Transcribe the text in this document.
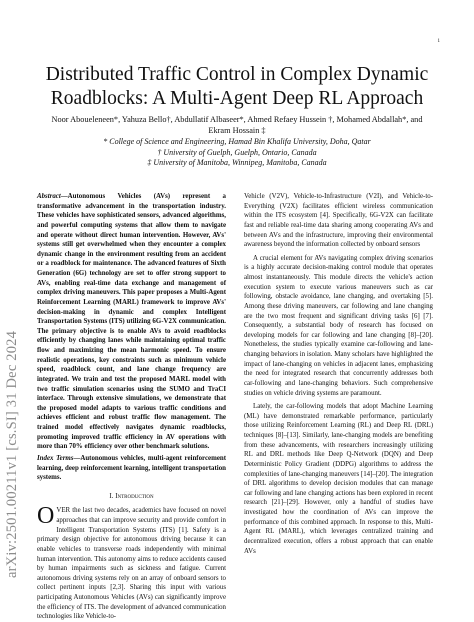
1
arXiv:2501.00211v1 [cs.SI] 31 Dec 2024
Distributed Traffic Control in Complex Dynamic
Roadblocks: A Multi-Agent Deep RL Approach
Noor Aboueleneen*, Yahuza Bello†, Abdullatif Albaseer*, Ahmed Refaey Hussein †, Mohamed Abdallah*, and
Ekram Hossain ‡
* College of Science and Engineering, Hamad Bin Khalifa University, Doha, Qatar
† University of Guelph, Guelph, Ontario, Canada
‡ University of Manitoba, Winnipeg, Manitoba, Canada
Abstract—Autonomous Vehicles (AVs) represent a transformative advancement in the transportation industry. These vehicles have sophisticated sensors, advanced algorithms, and powerful computing systems that allow them to navigate and operate without direct human intervention. However, AVs' systems still get overwhelmed when they encounter a complex dynamic change in the environment resulting from an accident or a roadblock for maintenance. The advanced features of Sixth Generation (6G) technology are set to offer strong support to AVs, enabling real-time data exchange and management of complex driving maneuvers. This paper proposes a Multi-Agent Reinforcement Learning (MARL) framework to improve AVs' decision-making in dynamic and complex Intelligent Transportation Systems (ITS) utilizing 6G-V2X communication. The primary objective is to enable AVs to avoid roadblocks efficiently by changing lanes while maintaining optimal traffic flow and maximizing the mean harmonic speed. To ensure realistic operations, key constraints such as minimum vehicle speed, roadblock count, and lane change frequency are integrated. We train and test the proposed MARL model with two traffic simulation scenarios using the SUMO and TraCI interface. Through extensive simulations, we demonstrate that the proposed model adapts to various traffic conditions and achieves efficient and robust traffic flow management. The trained model effectively navigates dynamic roadblocks, promoting improved traffic efficiency in AV operations with more than 70% efficiency over other benchmark solutions.
Index Terms—Autonomous vehicles, multi-agent reinforcement learning, deep reinforcement learning, intelligent transportation systems.
I. Introduction

OVER the last two decades, academics have focused on novel approaches that can improve security and provide comfort in Intelligent Transportation Systems (ITS) [1]. Safety is a primary design objective for autonomous driving because it can enable vehicles to transverse roads independently with minimal human intervention. This autonomy aims to reduce accidents caused by human impairments such as sickness and fatigue. Current autonomous driving systems rely on an array of onboard sensors to collect pertinent inputs [2,3]. Sharing this input with various participating Autonomous Vehicles (AVs) can significantly improve the efficiency of ITS. The development of advanced communication technologies like Vehicle-to-

Vehicle (V2V), Vehicle-to-Infrastructure (V2I), and Vehicle-to-Everything (V2X) facilitates efficient wireless communication within the ITS ecosystem [4]. Specifically, 6G-V2X can facilitate fast and reliable real-time data sharing among cooperating AVs and between AVs and the infrastructure, improving their environmental awareness beyond the information collected by onboard sensors

A crucial element for AVs navigating complex driving scenarios is a highly accurate decision-making control module that operates almost instantaneously. This module directs the vehicle's action execution system to execute various maneuvers such as car following, obstacle avoidance, lane changing, and overtaking [5]. Among these driving maneuvers, car following and lane changing are the two most frequent and significant driving tasks [6] [7]. Consequently, a substantial body of research has focused on developing models for car following and lane changing [8]–[20]. Nonetheless, the studies typically examine car-following and lane-changing behaviors in isolation. Many scholars have highlighted the impact of lane-changing on vehicles in adjacent lanes, emphasizing the need for integrated research that concurrently addresses both car-following and lane-changing behaviors. Such comprehensive studies on vehicle driving systems are paramount.

Lately, the car-following models that adopt Machine Learning (ML) have demonstrated remarkable performance, particularly those utilizing Reinforcement Learning (RL) and Deep RL (DRL) techniques [8]–[13]. Similarly, lane-changing models are benefiting from these advancements, with researchers increasingly utilizing RL and DRL methods like Deep Q-Network (DQN) and Deep Deterministic Policy Gradient (DDPG) algorithms to address the complexities of lane-changing maneuvers [14]–[20]. The integration of DRL algorithms to develop decision modules that can manage car following and lane changing actions has been explored in recent research [21]–[29]. However, only a handful of studies have investigated how the coordination of AVs can improve the performance of this combined approach. In response to this, Multi-Agent RL (MARL), which leverages centralized training and decentralized execution, offers a robust approach that can enable AVs
